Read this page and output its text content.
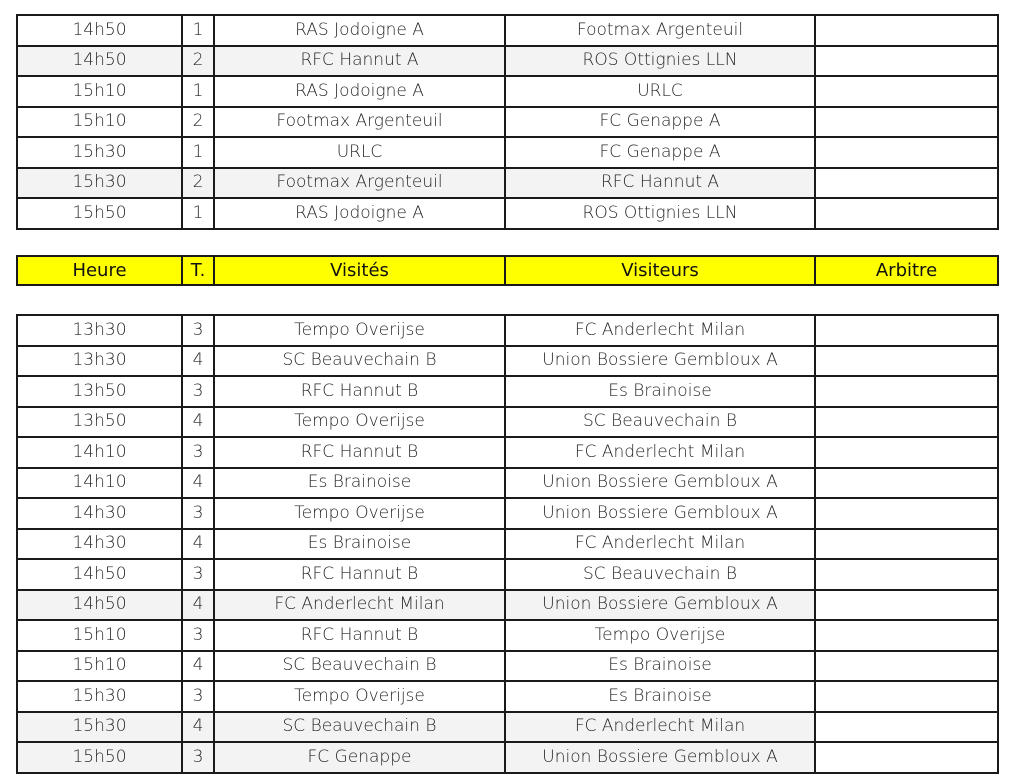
14h50	1	RAS Jodoigne A	Footmax Argenteuil	
14h50	2	RFC Hannut A	ROS Ottignies LLN	
15h10	1	RAS Jodoigne A	URLC	
15h10	2	Footmax Argenteuil	FC Genappe A	
15h30	1	URLC	FC Genappe A	
15h30	2	Footmax Argenteuil	RFC Hannut A	
15h50	1	RAS Jodoigne A	ROS Ottignies LLN	
Heure	T.	Visités	Visiteurs	Arbitre
13h30	3	Tempo Overijse	FC Anderlecht Milan	
13h30	4	SC Beauvechain B	Union Bossiere Gembloux A	
13h50	3	RFC Hannut B	Es Brainoise	
13h50	4	Tempo Overijse	SC Beauvechain B	
14h10	3	RFC Hannut B	FC Anderlecht Milan	
14h10	4	Es Brainoise	Union Bossiere Gembloux A	
14h30	3	Tempo Overijse	Union Bossiere Gembloux A	
14h30	4	Es Brainoise	FC Anderlecht Milan	
14h50	3	RFC Hannut B	SC Beauvechain B	
14h50	4	FC Anderlecht Milan	Union Bossiere Gembloux A	
15h10	3	RFC Hannut B	Tempo Overijse	
15h10	4	SC Beauvechain B	Es Brainoise	
15h30	3	Tempo Overijse	Es Brainoise	
15h30	4	SC Beauvechain B	FC Anderlecht Milan	
15h50	3	FC Genappe	Union Bossiere Gembloux A	
